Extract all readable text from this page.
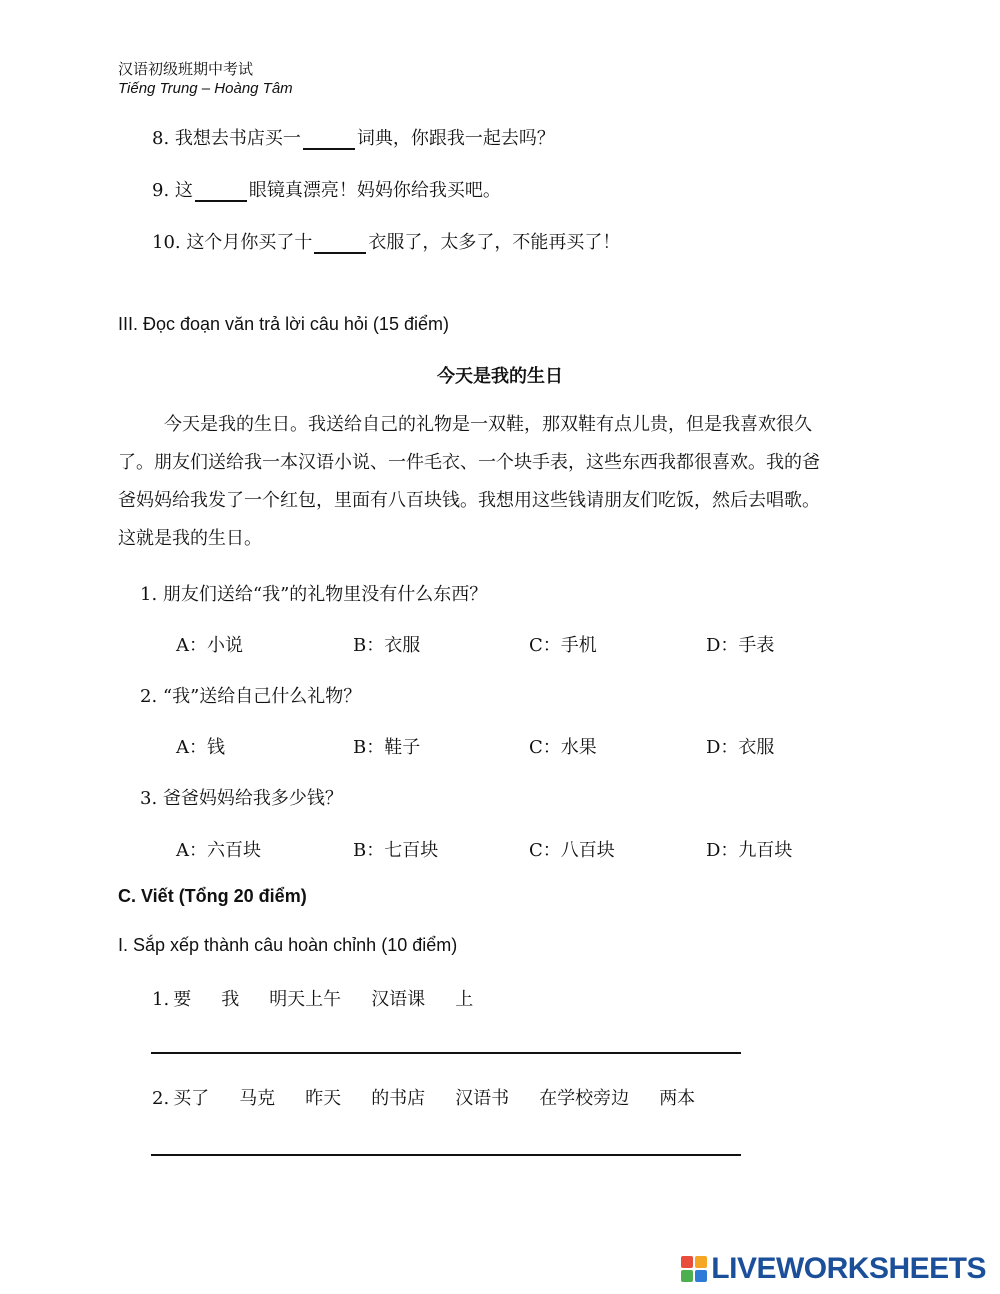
汉语初级班期中考试
Tiếng Trung – Hoàng Tâm
8. 我想去书店买一	词典，你跟我一起去吗？
9. 这	眼镜真漂亮！妈妈你给我买吧。
10. 这个月你买了十	衣服了，太多了，不能再买了！
III. Đọc đoạn văn trả lời câu hỏi (15 điểm)
今天是我的生日
今天是我的生日。我送给自己的礼物是一双鞋，那双鞋有点儿贵，但是我喜欢很久
了。朋友们送给我一本汉语小说、一件毛衣、一个块手表，这些东西我都很喜欢。我的爸
爸妈妈给我发了一个红包，里面有八百块钱。我想用这些钱请朋友们吃饭，然后去唱歌。
这就是我的生日。
1. 朋友们送给“我”的礼物里没有什么东西？
A：小说	B：衣服	C：手机	D：手表
2. “我”送给自己什么礼物？
A：钱	B：鞋子	C：水果	D：衣服
3. 爸爸妈妈给我多少钱？
A：六百块	B：七百块	C：八百块	D：九百块
C. Viết (Tổng 20 điểm)
I. Sắp xếp thành câu hoàn chỉnh (10 điểm)
1. 要 我 明天上午 汉语课 上
2. 买了 马克 昨天 的书店 汉语书 在学校旁边 两本
LIVEWORKSHEETS
